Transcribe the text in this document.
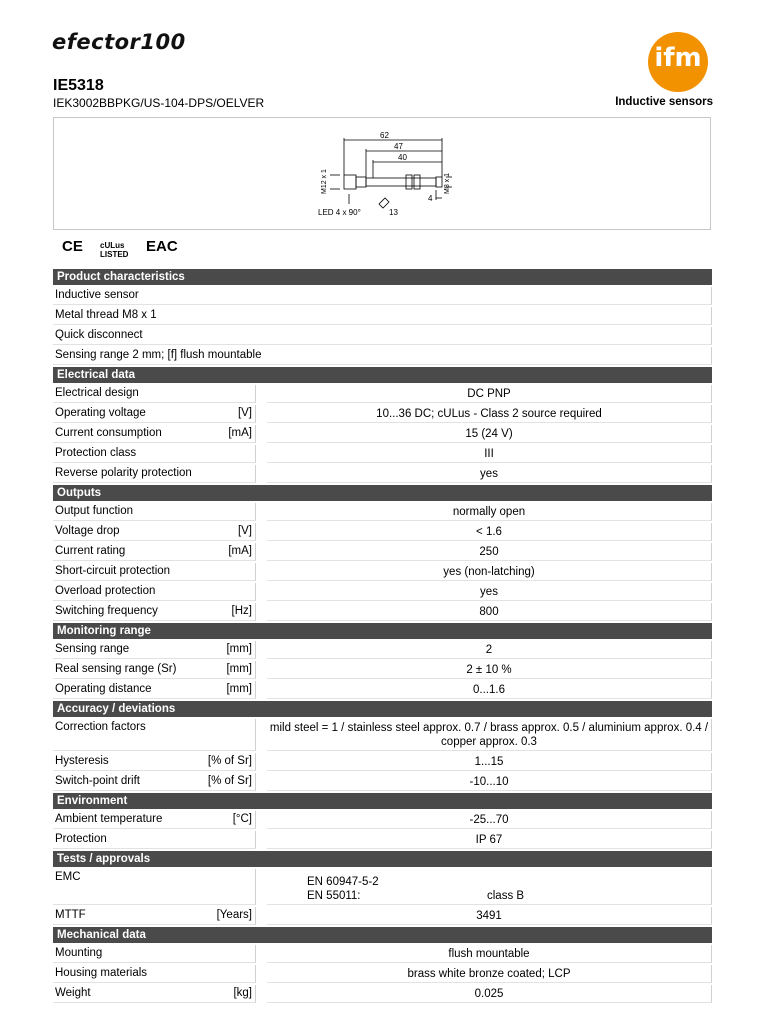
efector100
ifm
IE5318
IEK3002BBPKG/US-104-DPS/OELVER	Inductive sensors
62
47
40
4
M12 x 1	M8 x 1
LED 4 x 90°	13
CE cULus LISTED EAC
Product characteristics
Inductive sensor
Metal thread M8 x 1
Quick disconnect
Sensing range 2 mm; [f] flush mountable
Electrical data
Electrical design	DC PNP
Operating voltage	[V]	10...36 DC; cULus - Class 2 source required
Current consumption	[mA]	15 (24 V)
Protection class	III
Reverse polarity protection	yes
Outputs
Output function	normally open
Voltage drop	[V]	< 1.6
Current rating	[mA]	250
Short-circuit protection	yes (non-latching)
Overload protection	yes
Switching frequency	[Hz]	800
Monitoring range
Sensing range	[mm]	2
Real sensing range (Sr)	[mm]	2 ± 10 %
Operating distance	[mm]	0...1.6
Accuracy / deviations
Correction factors	mild steel = 1 / stainless steel approx. 0.7 / brass approx. 0.5 / aluminium approx. 0.4 / copper approx. 0.3
Hysteresis	[% of Sr]	1...15
Switch-point drift	[% of Sr]	-10...10
Environment
Ambient temperature	[°C]	-25...70
Protection	IP 67
Tests / approvals
EMC	EN 60947-5-2
EN 55011:	class B
MTTF	[Years]	3491
Mechanical data
Mounting	flush mountable
Housing materials	brass white bronze coated; LCP
Weight	[kg]	0.025
